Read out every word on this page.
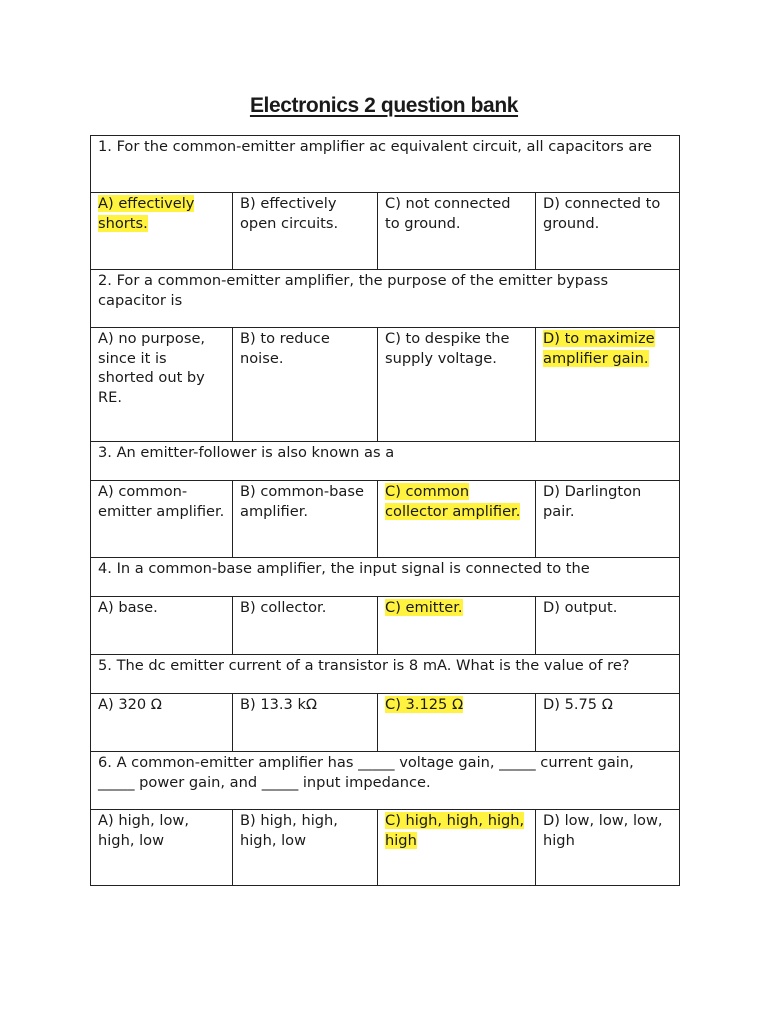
Electronics 2 question bank
1. For the common-emitter amplifier ac equivalent circuit, all capacitors are			
A) effectively shorts.	B) effectively open circuits.	C) not connected to ground.	D) connected to ground.
2. For a common-emitter amplifier, the purpose of the emitter bypass capacitor is			
A) no purpose, since it is shorted out by RE.	B) to reduce noise.	C) to despike the supply voltage.	D) to maximize amplifier gain.
3. An emitter-follower is also known as a			
A) common-emitter amplifier.	B) common-base amplifier.	C) common collector amplifier.	D) Darlington pair.
4. In a common-base amplifier, the input signal is connected to the			
A) base.	B) collector.	C) emitter.	D) output.
5. The dc emitter current of a transistor is 8 mA. What is the value of re?			
A) 320 Ω	B) 13.3 kΩ	C) 3.125 Ω	D) 5.75 Ω
6. A common-emitter amplifier has _____ voltage gain, _____ current gain, _____ power gain, and _____ input impedance.			
A) high, low, high, low	B) high, high, high, low	C) high, high, high, high	D) low, low, low, high
